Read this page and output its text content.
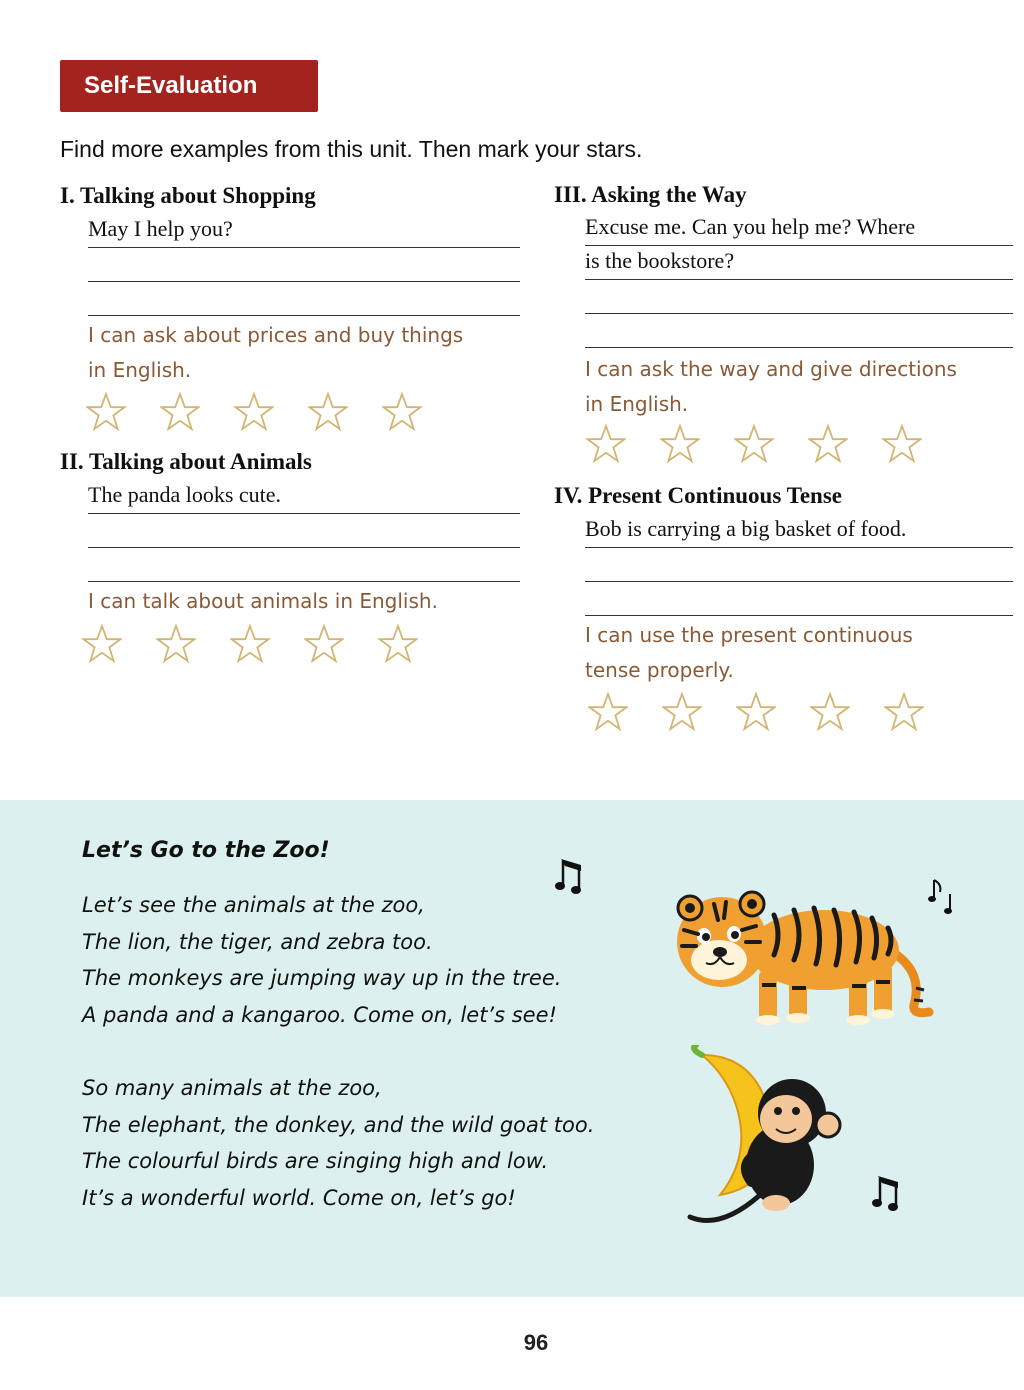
Self-Evaluation
Find more examples from this unit. Then mark your stars.
I. Talking about Shopping
May I help you?
I can ask about prices and buy things
in English.
II. Talking about Animals
The panda looks cute.
I can talk about animals in English.
III. Asking the Way
Excuse me. Can you help me? Where
is the bookstore?
I can ask the way and give directions
in English.
IV. Present Continuous Tense
Bob is carrying a big basket of food.
I can use the present continuous
tense properly.
Let’s Go to the Zoo!
Let’s see the animals at the zoo,
The lion, the tiger, and zebra too.
The monkeys are jumping way up in the tree.
A panda and a kangaroo. Come on, let’s see!
So many animals at the zoo,
The elephant, the donkey, and the wild goat too.
The colourful birds are singing high and low.
It’s a wonderful world. Come on, let’s go!
96
